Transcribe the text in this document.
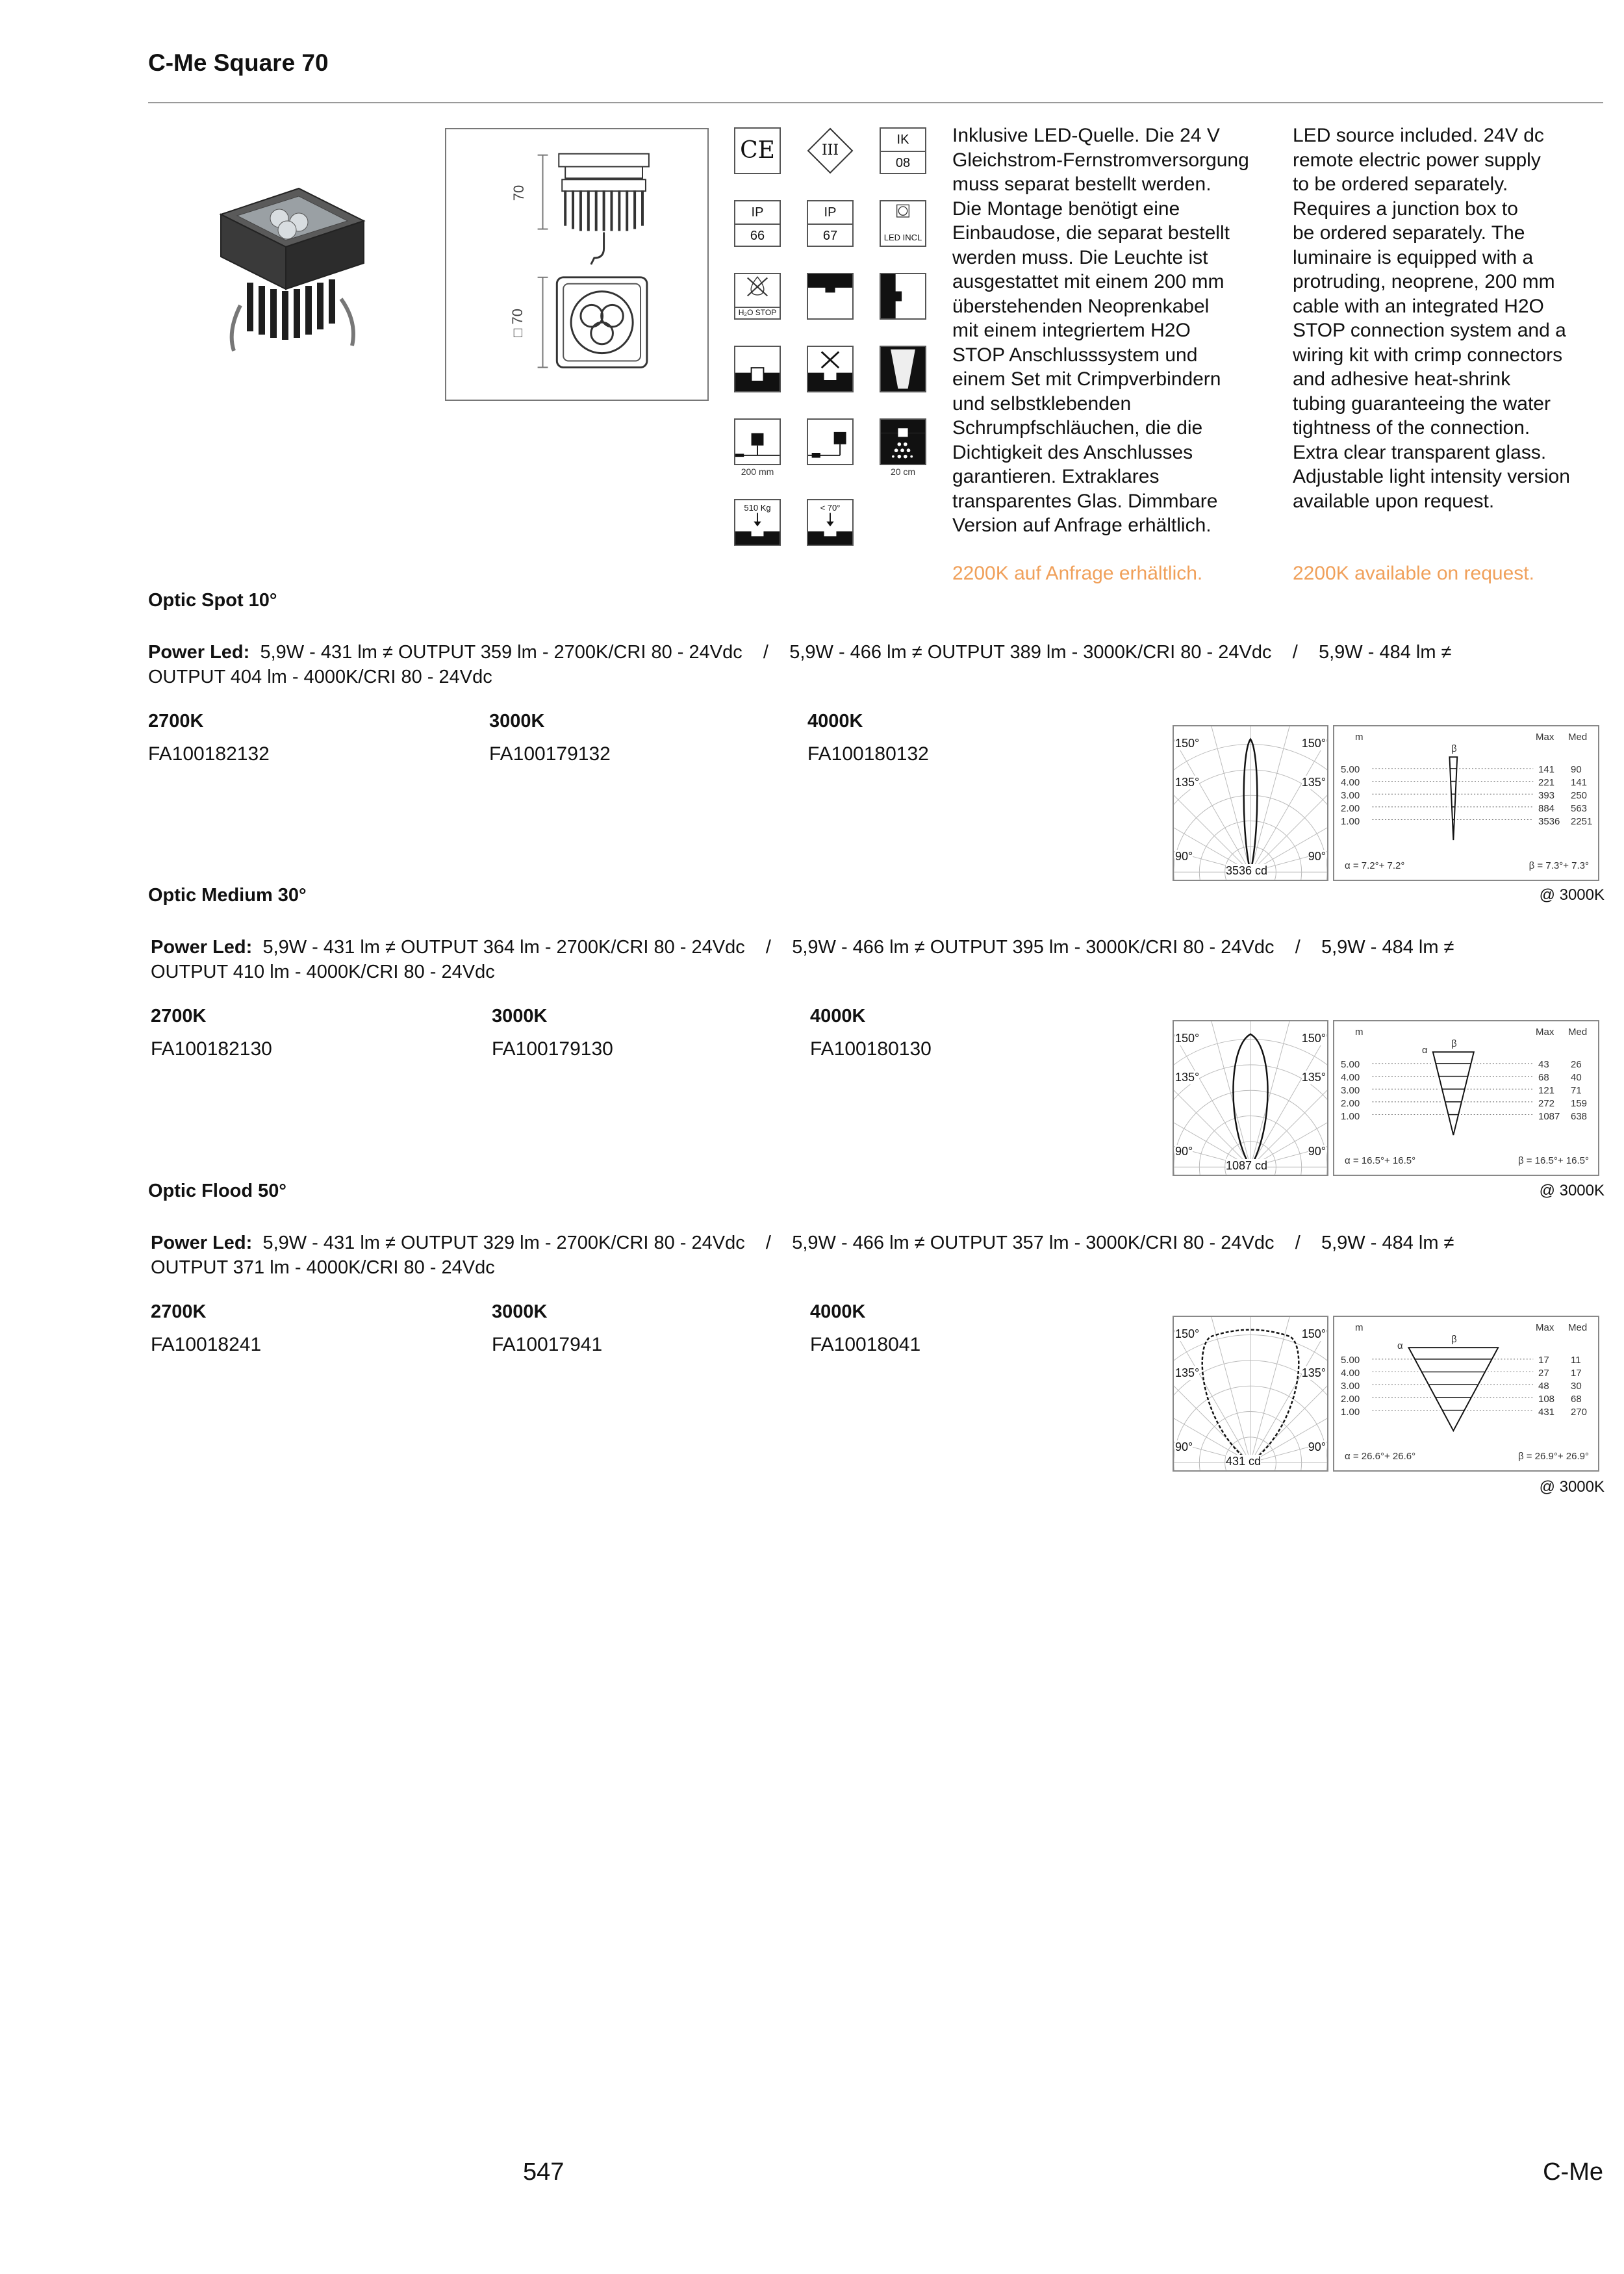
C-Me Square 70
70
□ 70
CE	III
IK
08
IP
66
IP
67	LED INCL
H₂O STOP
200 mm	20 cm
510 Kg	< 70°
Inklusive LED-Quelle. Die 24 V
Gleichstrom-Fernstromversorgung
muss separat bestellt werden.
Die Montage benötigt eine
Einbaudose, die separat bestellt
werden muss. Die Leuchte ist
ausgestattet mit einem 200 mm
überstehenden Neoprenkabel
mit einem integriertem H2O
STOP Anschlusssystem und
einem Set mit Crimpverbindern
und selbstklebenden
Schrumpfschläuchen, die die
Dichtigkeit des Anschlusses
garantieren. Extraklares
transparentes Glas. Dimmbare
Version auf Anfrage erhältlich.
2200K auf Anfrage erhältlich.
LED source included. 24V dc
remote electric power supply
to be ordered separately.
Requires a junction box to
be ordered separately. The
luminaire is equipped with a
protruding, neoprene, 200 mm
cable with an integrated H2O
STOP connection system and a
wiring kit with crimp connectors
and adhesive heat-shrink
tubing guaranteeing the water
tightness of the connection.
Extra clear transparent glass.
Adjustable light intensity version
available upon request.
2200K available on request.
Optic Spot 10°
Power Led: 5,9W - 431 lm ≠ OUTPUT 359 lm - 2700K/CRI 80 - 24Vdc    /    5,9W - 466 lm ≠ OUTPUT 389 lm - 3000K/CRI 80 - 24Vdc    /    5,9W - 484 lm ≠
OUTPUT 404 lm - 4000K/CRI 80 - 24Vdc
2700K	3000K	4000K
FA100182132	FA100179132	FA100180132	150°	150°
135°	135°
90°	90°
3536 cd
m	Max Med
β
5.00	141 90
4.00	221 141
3.00	393 250
2.00	884 563
1.00	3536 2251
α = 7.2°+ 7.2°	β = 7.3°+ 7.3°
Optic Medium 30°
Power Led: 5,9W - 431 lm ≠ OUTPUT 364 lm - 2700K/CRI 80 - 24Vdc    /    5,9W - 466 lm ≠ OUTPUT 395 lm - 3000K/CRI 80 - 24Vdc    /    5,9W - 484 lm ≠
OUTPUT 410 lm - 4000K/CRI 80 - 24Vdc
2700K	3000K	4000K
FA100182130	FA100179130	FA100180130	150°	150°
135°	135°
90°	90°
1087 cd
m	Max Med
β
α
5.00	43 26
4.00	68 40
3.00	121 71
2.00	272 159
1.00	1087 638
α = 16.5°+ 16.5°	β = 16.5°+ 16.5°
@ 3000K
Optic Flood 50°
Power Led: 5,9W - 431 lm ≠ OUTPUT 329 lm - 2700K/CRI 80 - 24Vdc    /    5,9W - 466 lm ≠ OUTPUT 357 lm - 3000K/CRI 80 - 24Vdc    /    5,9W - 484 lm ≠
OUTPUT 371 lm - 4000K/CRI 80 - 24Vdc
2700K	3000K	4000K
FA10018241	FA10017941	FA10018041	150°	150°
135°	135°
90°	90°
431 cd
m	Max Med
β
α
5.00	17 11
4.00	27 17
3.00	48 30
2.00	108 68
1.00	431 270
α = 26.6°+ 26.6°	β = 26.9°+ 26.9°
@ 3000K
@ 3000K
547	C-Me
